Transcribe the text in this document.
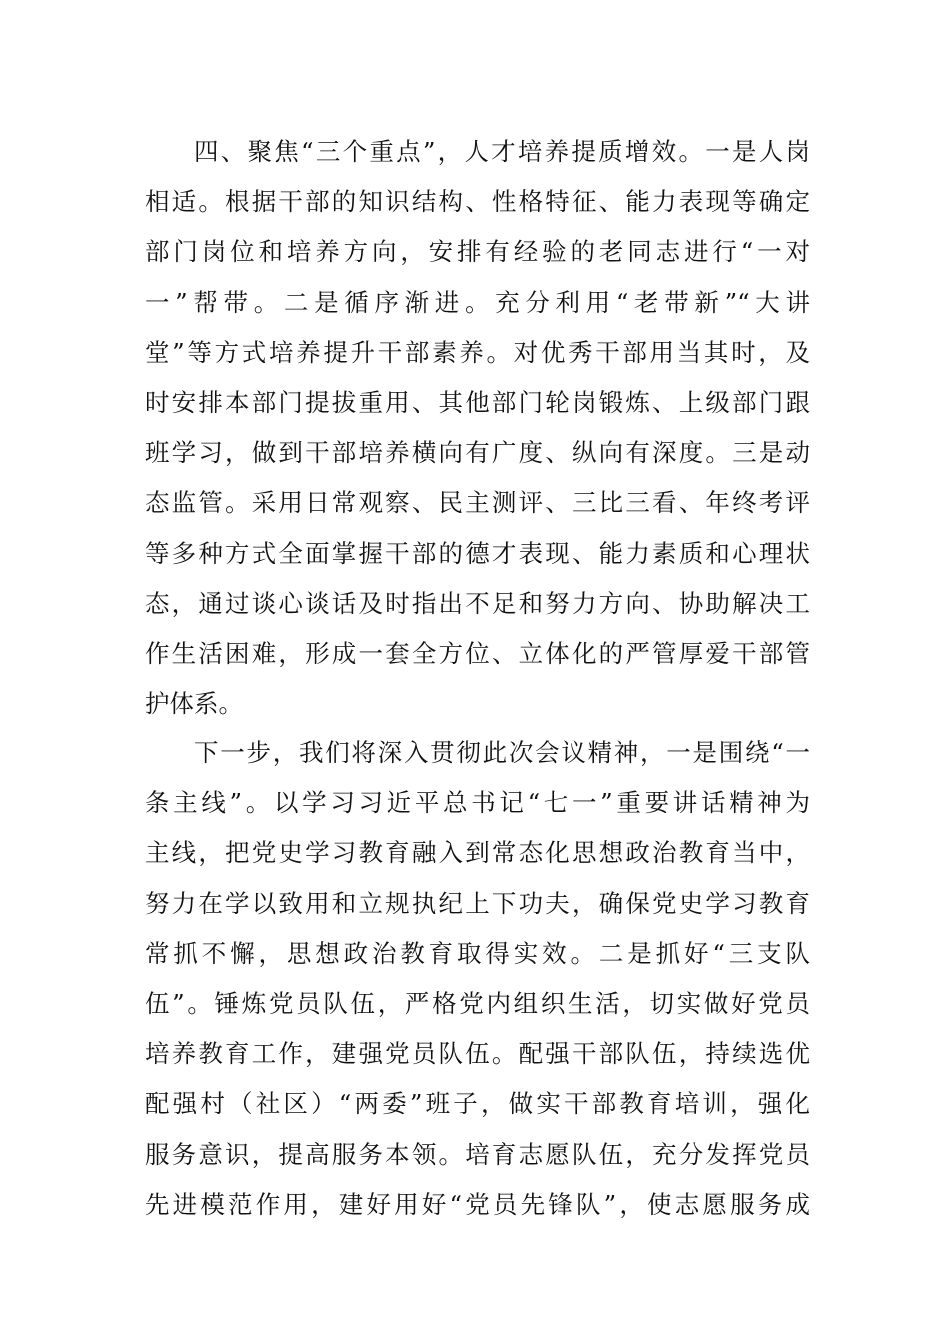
四、聚焦“三个重点”，人才培养提质增效。一是人岗
相适。根据干部的知识结构、性格特征、能力表现等确定
部门岗位和培养方向，安排有经验的老同志进行“一对
一”帮带。二是循序渐进。充分利用“老带新”“大讲
堂”等方式培养提升干部素养。对优秀干部用当其时，及
时安排本部门提拔重用、其他部门轮岗锻炼、上级部门跟
班学习，做到干部培养横向有广度、纵向有深度。三是动
态监管。采用日常观察、民主测评、三比三看、年终考评
等多种方式全面掌握干部的德才表现、能力素质和心理状
态，通过谈心谈话及时指出不足和努力方向、协助解决工
作生活困难，形成一套全方位、立体化的严管厚爱干部管
护体系。
下一步，我们将深入贯彻此次会议精神，一是围绕“一
条主线”。以学习习近平总书记“七一”重要讲话精神为
主线，把党史学习教育融入到常态化思想政治教育当中，
努力在学以致用和立规执纪上下功夫，确保党史学习教育
常抓不懈，思想政治教育取得实效。二是抓好“三支队
伍”。锤炼党员队伍，严格党内组织生活，切实做好党员
培养教育工作，建强党员队伍。配强干部队伍，持续选优
配强村（社区）“两委”班子，做实干部教育培训，强化
服务意识，提高服务本领。培育志愿队伍，充分发挥党员
先进模范作用，建好用好“党员先锋队”，使志愿服务成
